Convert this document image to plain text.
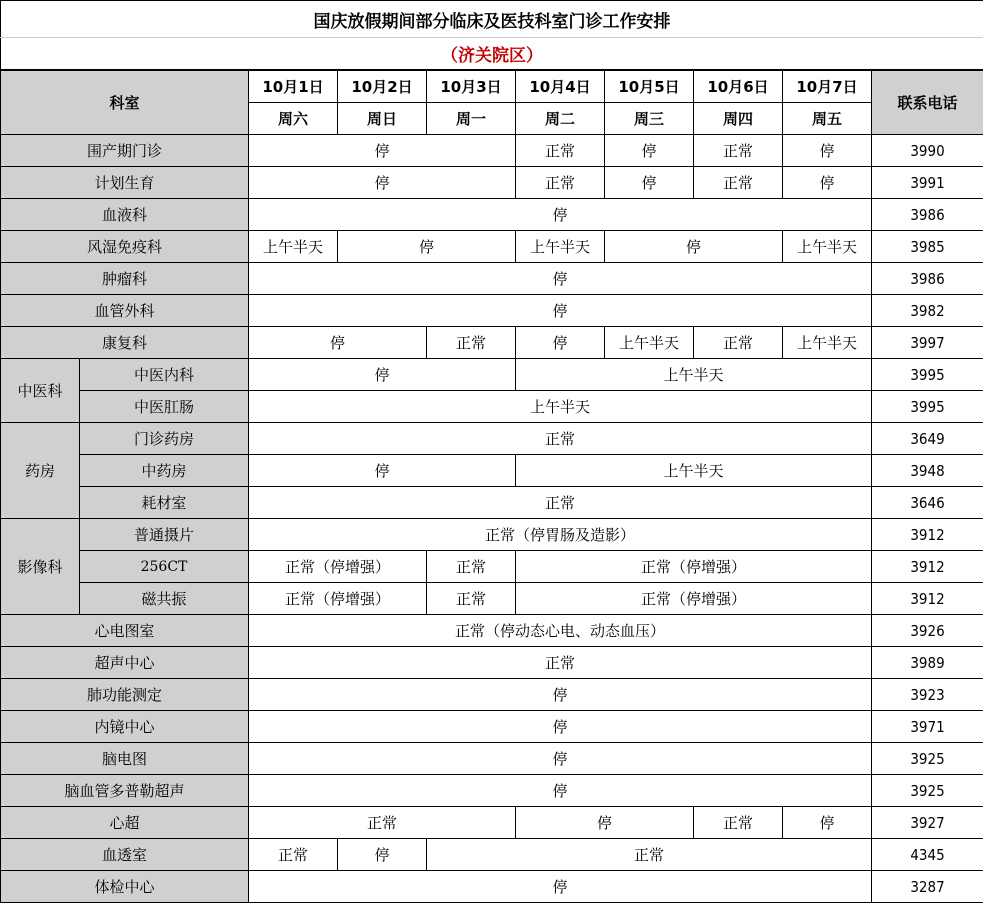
国庆放假期间部分临床及医技科室门诊工作安排									
（济关院区）									
科室		10月1日	10月2日	10月3日	10月4日	10月5日	10月6日	10月7日	联系电话
		周六	周日	周一	周二	周三	周四	周五	
围产期门诊		停			正常	停	正常	停	3990
计划生育		停			正常	停	正常	停	3991
血液科		停							3986
风湿免疫科		上午半天	停		上午半天	停		上午半天	3985
肿瘤科		停							3986
血管外科		停							3982
康复科		停		正常	停	上午半天	正常	上午半天	3997
中医科	中医内科	停			上午半天				3995
	中医肛肠	上午半天							3995
药房	门诊药房	正常							3649
	中药房	停			上午半天				3948
	耗材室	正常							3646
影像科	普通摄片	正常（停胃肠及造影）							3912
	256CT	正常（停增强）		正常	正常（停增强）				3912
	磁共振	正常（停增强）		正常	正常（停增强）				3912
心电图室		正常（停动态心电、动态血压）							3926
超声中心		正常							3989
肺功能测定		停							3923
内镜中心		停							3971
脑电图		停							3925
脑血管多普勒超声		停							3925
心超		正常			停		正常	停	3927
血透室		正常	停	正常					4345
体检中心		停							3287
